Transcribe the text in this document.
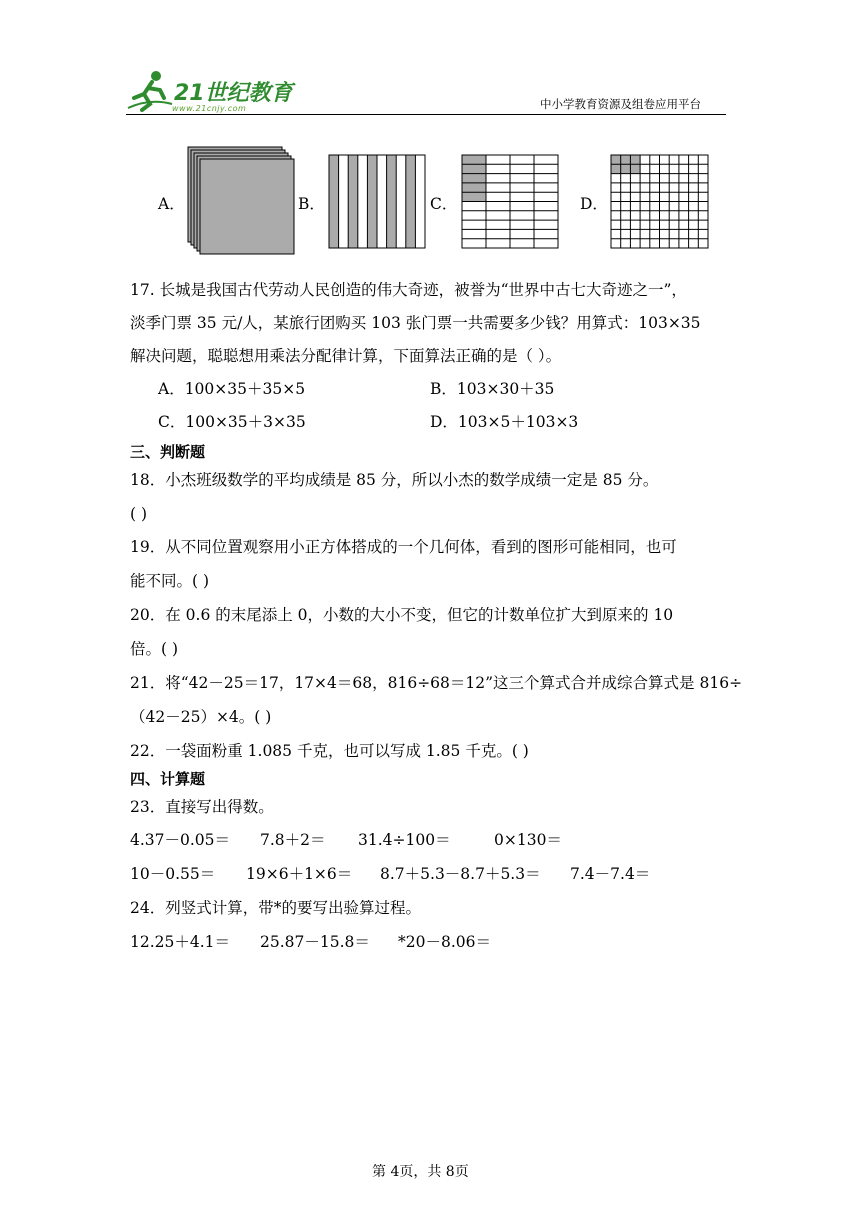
21世纪教育
www.21cnjy.com	中小学教育资源及组卷应用平台
A．	B．	C．	D．
17. 长城是我国古代劳动人民创造的伟大奇迹，被誉为“世界中古七大奇迹之一”，
淡季门票 35 元/人，某旅行团购买 103 张门票一共需要多少钱？用算式：103×35
解决问题，聪聪想用乘法分配律计算，下面算法正确的是（ ）。
A．100×35＋35×5	B．103×30＋35
C．100×35＋3×35	D．103×5＋103×3
三、判断题
18．小杰班级数学的平均成绩是 85 分，所以小杰的数学成绩一定是 85 分。
( )
19．从不同位置观察用小正方体搭成的一个几何体，看到的图形可能相同，也可
能不同。( )
20．在 0.6 的末尾添上 0，小数的大小不变，但它的计数单位扩大到原来的 10
倍。( )
21．将“42－25＝17，17×4＝68，816÷68＝12”这三个算式合并成综合算式是 816÷
（42－25）×4。( )
22．一袋面粉重 1.085 千克，也可以写成 1.85 千克。( )
四、计算题
23．直接写出得数。
4.37－0.05＝ 7.8＋2＝ 31.4÷100＝	0×130＝
10－0.55＝ 19×6＋1×6＝ 8.7＋5.3－8.7＋5.3＝ 7.4－7.4＝
24．列竖式计算，带*的要写出验算过程。
12.25＋4.1＝ 25.87－15.8＝ *20－8.06＝
第 4页，共 8页
